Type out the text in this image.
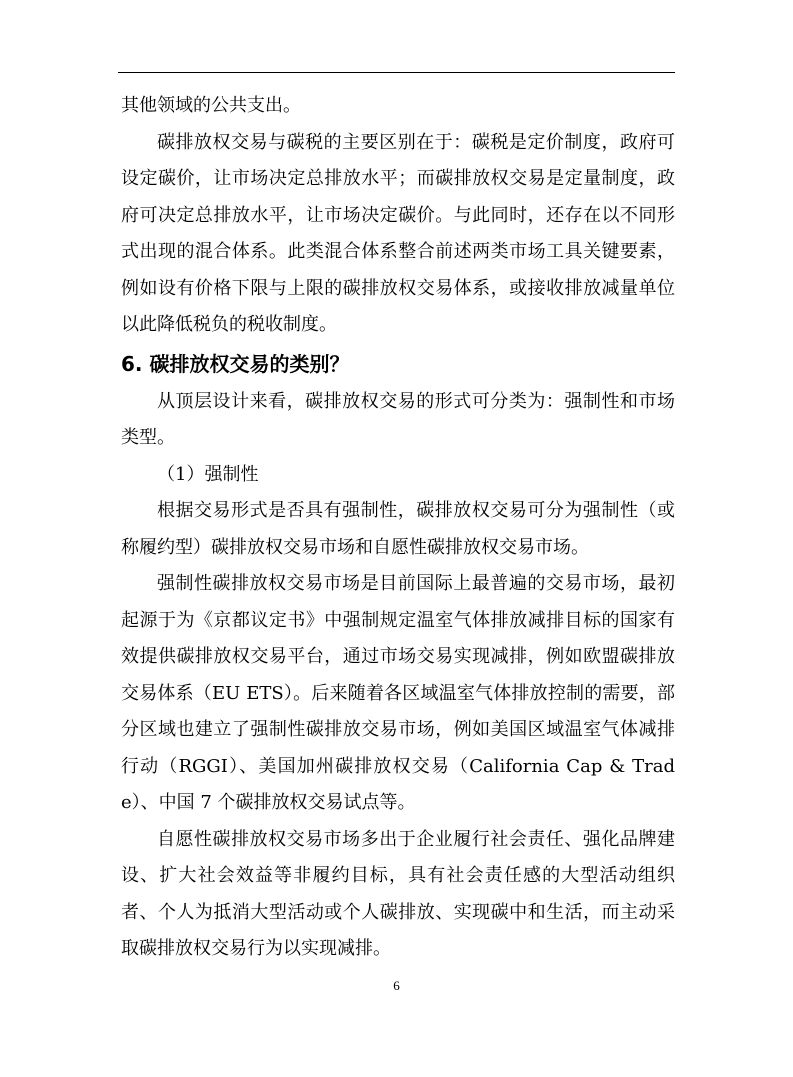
其他领域的公共支出。

碳排放权交易与碳税的主要区别在于：碳税是定价制度，政府可设定碳价，让市场决定总排放水平；而碳排放权交易是定量制度，政府可决定总排放水平，让市场决定碳价。与此同时，还存在以不同形式出现的混合体系。此类混合体系整合前述两类市场工具关键要素，例如设有价格下限与上限的碳排放权交易体系，或接收排放减量单位以此降低税负的税收制度。

6. 碳排放权交易的类别？

从顶层设计来看，碳排放权交易的形式可分类为：强制性和市场类型。

（1）强制性

根据交易形式是否具有强制性，碳排放权交易可分为强制性（或称履约型）碳排放权交易市场和自愿性碳排放权交易市场。

强制性碳排放权交易市场是目前国际上最普遍的交易市场，最初起源于为《京都议定书》中强制规定温室气体排放减排目标的国家有效提供碳排放权交易平台，通过市场交易实现减排，例如欧盟碳排放交易体系（EU ETS）。后来随着各区域温室气体排放控制的需要，部分区域也建立了强制性碳排放交易市场，例如美国区域温室气体减排行动（RGGI）、美国加州碳排放权交易（California Cap & Trade）、中国 7 个碳排放权交易试点等。

自愿性碳排放权交易市场多出于企业履行社会责任、强化品牌建设、扩大社会效益等非履约目标，具有社会责任感的大型活动组织者、个人为抵消大型活动或个人碳排放、实现碳中和生活，而主动采取碳排放权交易行为以实现减排。

6
